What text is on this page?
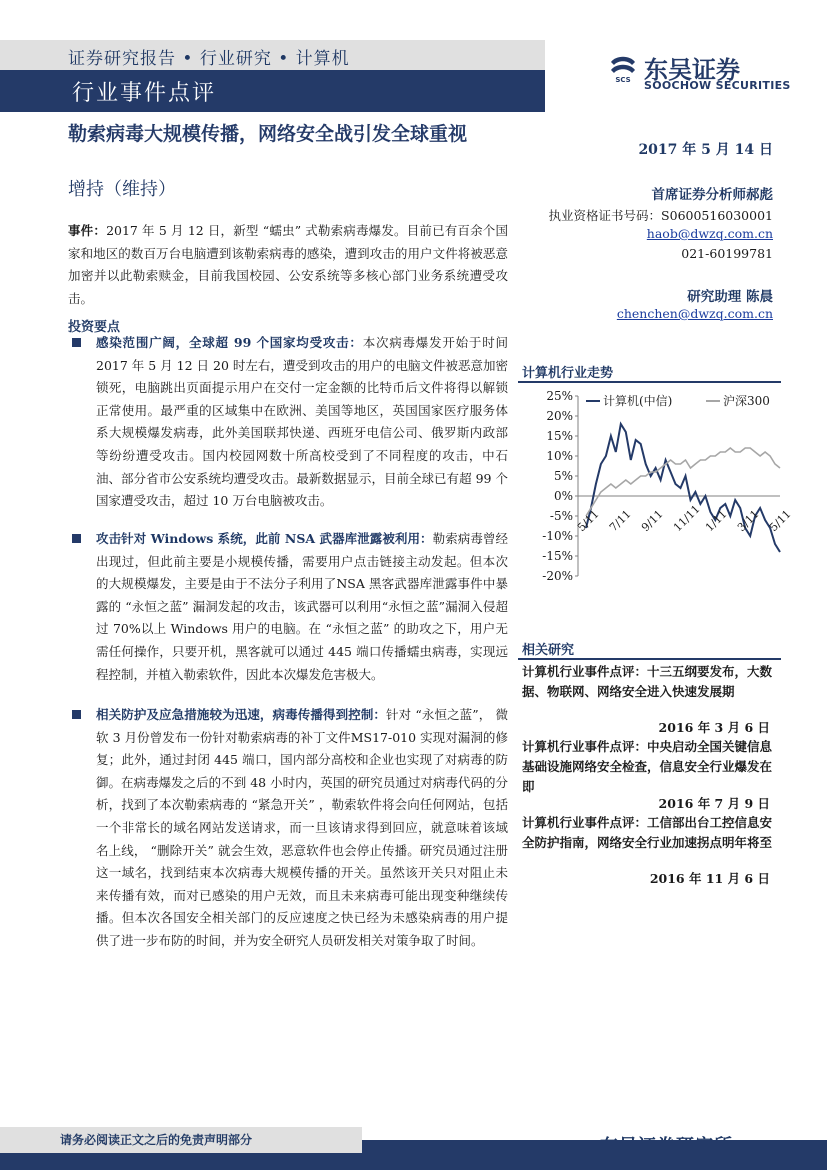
证券研究报告 • 行业研究 • 计算机
行业事件点评
SCS 东吴证券
SOOCHOW SECURITIES
勒索病毒大规模传播，网络安全战引发全球重视
增持（维持）
2017 年 5 月 14 日
首席证券分析师郝彪
执业资格证书号码：S0600516030001
haob@dwzq.com.cn
021-60199781
研究助理 陈晨
chenchen@dwzq.com.cn
事件：2017 年 5 月 12 日，新型 “蠕虫” 式勒索病毒爆发。目前已有百余个国家和地区的数百万台电脑遭到该勒索病毒的感染，遭到攻击的用户文件将被恶意加密并以此勒索赎金，目前我国校园、公安系统等多核心部门业务系统遭受攻击。
投资要点
感染范围广阔，全球超 99 个国家均受攻击：本次病毒爆发开始于时间 2017 年 5 月 12 日 20 时左右，遭受到攻击的用户的电脑文件被恶意加密锁死，电脑跳出页面提示用户在交付一定金额的比特币后文件将得以解锁正常使用。最严重的区域集中在欧洲、美国等地区，英国国家医疗服务体系大规模爆发病毒，此外美国联邦快递、西班牙电信公司、俄罗斯内政部等纷纷遭受攻击。国内校园网数十所高校受到了不同程度的攻击，中石油、部分省市公安系统均遭受攻击。最新数据显示，目前全球已有超 99 个国家遭受攻击，超过 10 万台电脑被攻击。
攻击针对 Windows 系统，此前 NSA 武器库泄露被利用：勒索病毒曾经出现过，但此前主要是小规模传播，需要用户点击链接主动发起。但本次的大规模爆发，主要是由于不法分子利用了NSA 黑客武器库泄露事件中暴露的 “永恒之蓝” 漏洞发起的攻击，该武器可以利用“永恒之蓝”漏洞入侵超过 70%以上 Windows 用户的电脑。在 “永恒之蓝” 的助攻之下，用户无需任何操作，只要开机，黑客就可以通过 445 端口传播蠕虫病毒，实现远程控制，并植入勒索软件，因此本次爆发危害极大。
相关防护及应急措施较为迅速，病毒传播得到控制：针对 “永恒之蓝”， 微软 3 月份曾发布一份针对勒索病毒的补丁文件MS17-010 实现对漏洞的修复；此外，通过封闭 445 端口，国内部分高校和企业也实现了对病毒的防御。在病毒爆发之后的不到 48 小时内，英国的研究员通过对病毒代码的分析，找到了本次勒索病毒的 “紧急开关” ，勒索软件将会向任何网站，包括一个非常长的域名网站发送请求，而一旦该请求得到回应，就意味着该域名上线， “删除开关” 就会生效，恶意软件也会停止传播。研究员通过注册这一域名，找到结束本次病毒大规模传播的开关。虽然该开关只对阻止未来传播有效，而对已感染的用户无效，而且未来病毒可能出现变种继续传播。但本次各国安全相关部门的反应速度之快已经为未感染病毒的用户提供了进一步布防的时间，并为安全研究人员研发相关对策争取了时间。
计算机行业走势
25%
20%
15%
10%
5%
0%
-5%
-10%
-15%
-20%
5/11 7/11 9/11 11/11 1/11 3/11 5/11
计算机(中信)	沪深300
相关研究
计算机行业事件点评：十三五纲要发布，大数据、物联网、网络安全进入快速发展期
2016 年 3 月 6 日
计算机行业事件点评：中央启动全国关键信息基础设施网络安全检查，信息安全行业爆发在即
2016 年 7 月 9 日
计算机行业事件点评：工信部出台工控信息安全防护指南，网络安全行业加速拐点明年将至
2016 年 11 月 6 日
请务必阅读正文之后的免责声明部分
